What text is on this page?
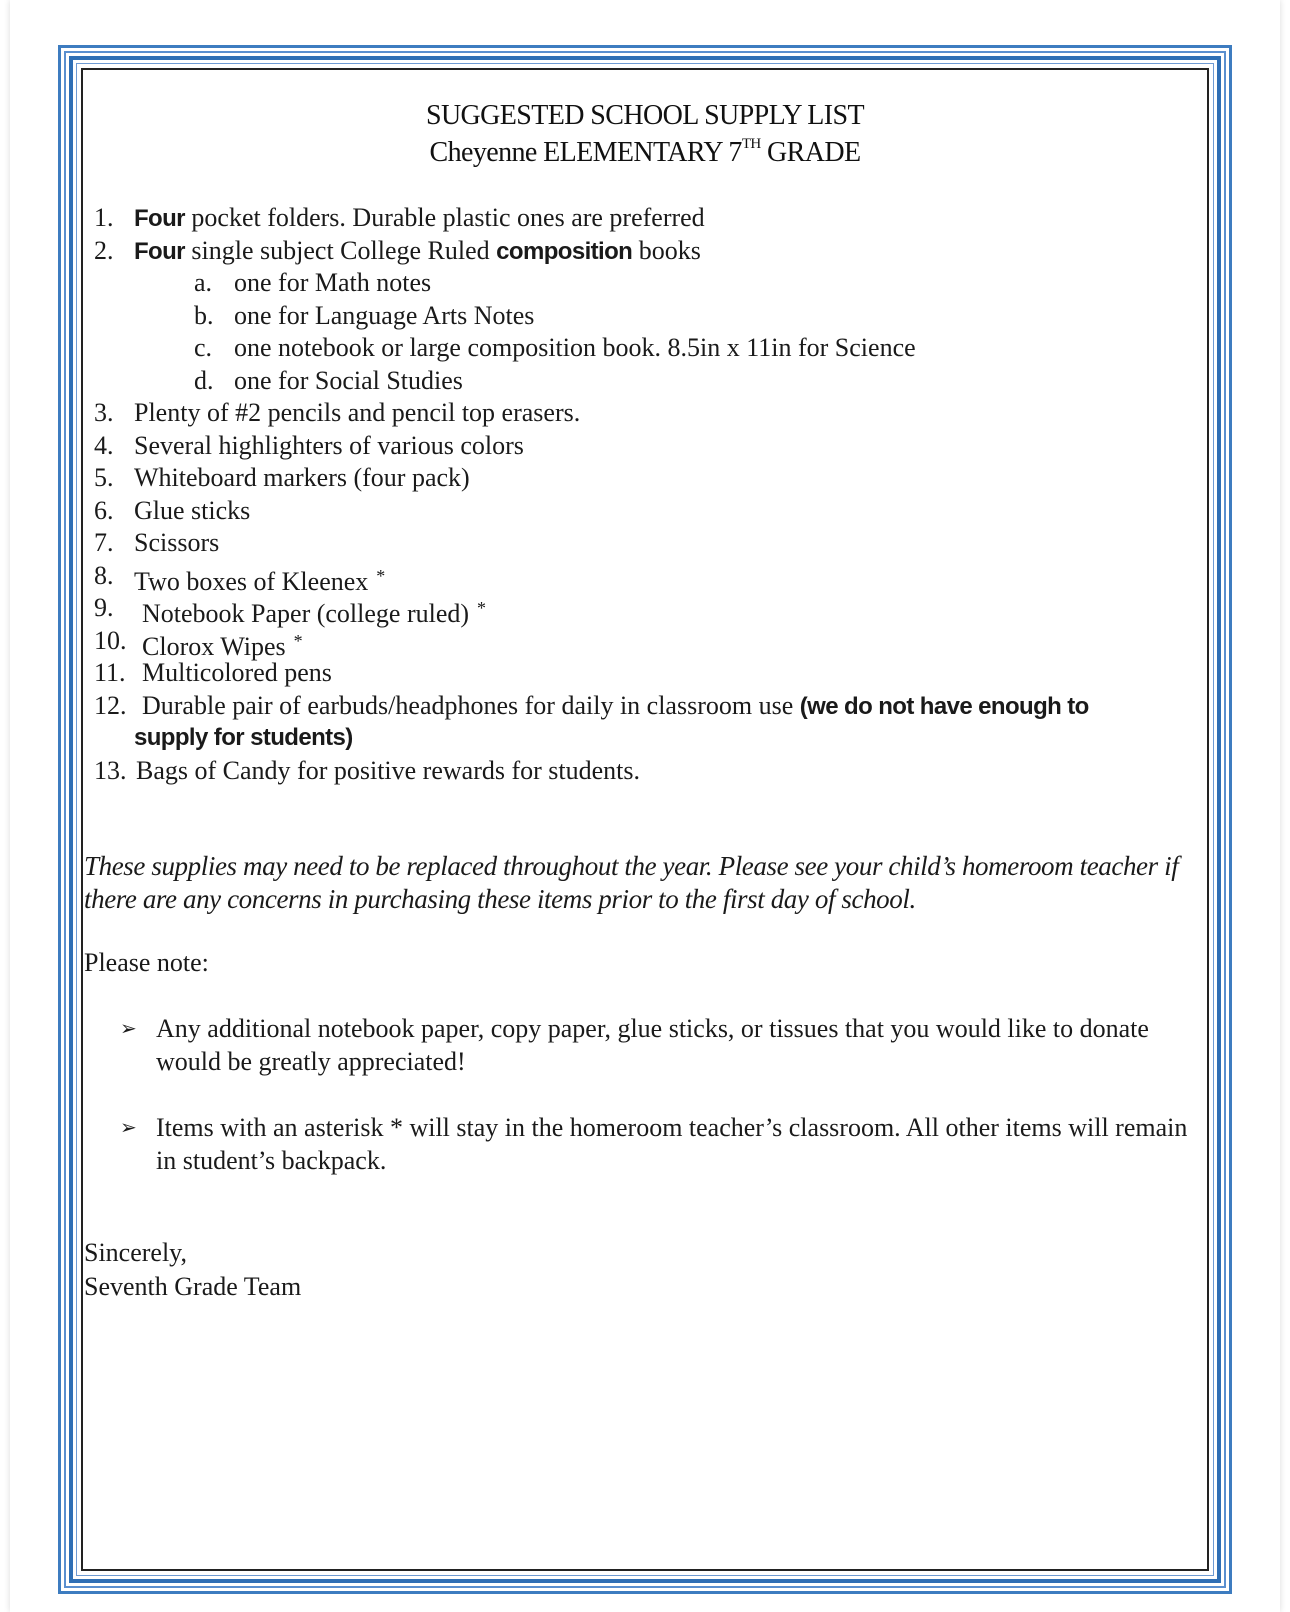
SUGGESTED SCHOOL SUPPLY LIST
Cheyenne ELEMENTARY 7TH GRADE
1. Four pocket folders. Durable plastic ones are preferred
2. Four single subject College Ruled composition books
a. one for Math notes
b. one for Language Arts Notes
c. one notebook or large composition book. 8.5in x 11in for Science
d. one for Social Studies
3. Plenty of #2 pencils and pencil top erasers.
4. Several highlighters of various colors
5. Whiteboard markers (four pack)
6. Glue sticks
7. Scissors
8. Two boxes of Kleenex *
9. Notebook Paper (college ruled) *
10. Clorox Wipes *
11. Multicolored pens
12. Durable pair of earbuds/headphones for daily in classroom use (we do not have enough to
supply for students)
13. Bags of Candy for positive rewards for students.
These supplies may need to be replaced throughout the year. Please see your child’s homeroom teacher if there are any concerns in purchasing these items prior to the first day of school.
Please note:
➢ Any additional notebook paper, copy paper, glue sticks, or tissues that you would like to donate would be greatly appreciated!
➢ Items with an asterisk * will stay in the homeroom teacher’s classroom. All other items will remain in student’s backpack.
Sincerely,
Seventh Grade Team
